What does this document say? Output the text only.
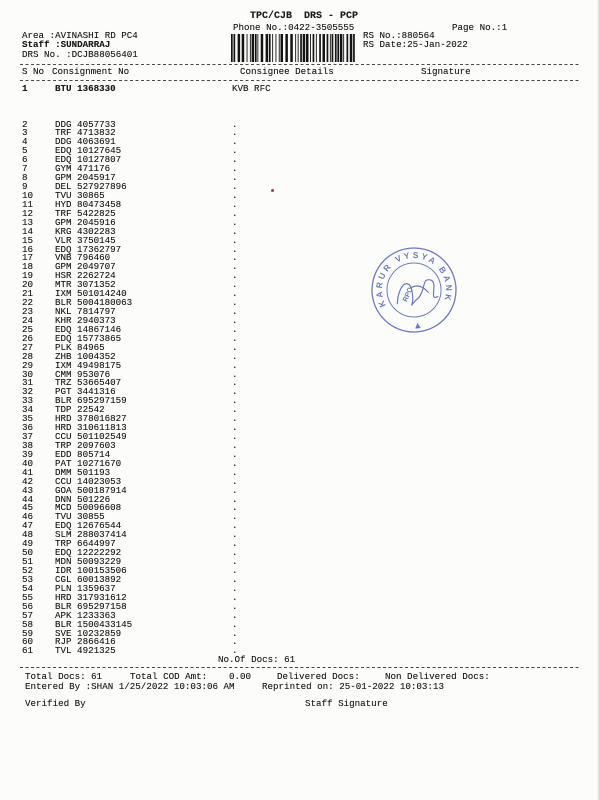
TPC/CJB  DRS - PCP
Phone No.:0422-3505555	Page No.:1
Area :AVINASHI RD PC4
Staff :SUNDARRAJ
DRS No. :DCJB88056401
RS No.:880564
RS Date:25-Jan-2022
S No Consignment No	Consignee Details	Signature
1	BTU 1368330	KVB RFC
2	DDG 4057733	.
3	TRF 4713832	.
4	DDG 4063691	.
5	EDQ 10127645	.
6	EDQ 10127807	.
7	GYM 471176	.
8	GPM 2045917	.
9	DEL 527927896	.
10 TVU 30865	.
11 HYD 80473458	.
12 TRF 5422825	.
13 GPM 2045916	.
14 KRG 4302283	.
15 VLR 3750145	.
16 EDQ 17362797	.
17 VNB 796460	.
18 GPM 2049707	.
19 HSR 2262724	.
20 MTR 3071352	.
21 IXM 501014240	.
22 BLR 5004180063	.
23 NKL 7814797	.
24 KHR 2940373	.
25 EDQ 14867146	.
26 EDQ 15773865	.
27 PLK 84965	.
28 ZHB 1004352	.
29 IXM 49498175	.
30 CMM 953076	.
31 TRZ 53665407	.
32 PGT 3441316	.
33 BLR 695297159	.
34 TDP 22542	.
35 HRD 378016827	.
36 HRD 310611813	.
37 CCU 501102549	.
38 TRP 2097603	.
39 EDD 805714	.
40 PAT 10271670	.
41 DMM 501193	.
42 CCU 14023053	.
43 GOA 500187914	.
44 DNN 501226	.
45 MCD 50096608	.
46 TVU 30855	.
47 EDQ 12676544	.
48 SLM 288037414	.
49 TRP 6644997	.
50 EDQ 12222292	.
51 MDN 50093229	.
52 IDR 100153506	.
53 CGL 60013892	.
54 PLN 1359637	.
55 HRD 317931612	.
56 BLR 695297158	.
57 APK 1233363	.
58 BLR 1500433145	.
59 SVE 10232859	.
60 RJP 2866416	.
61 TVL 4921325	.
No.Of Docs: 61
Total Docs: 61	Total COD Amt: 0.00	Delivered Docs:	Non Delivered Docs:
Entered By :SHAN 1/25/2022 10:03:06 AM	Reprinted on: 25-01-2022 10:03:13
Verified By	Staff Signature
KARUR VYSYA BANK
RPC
